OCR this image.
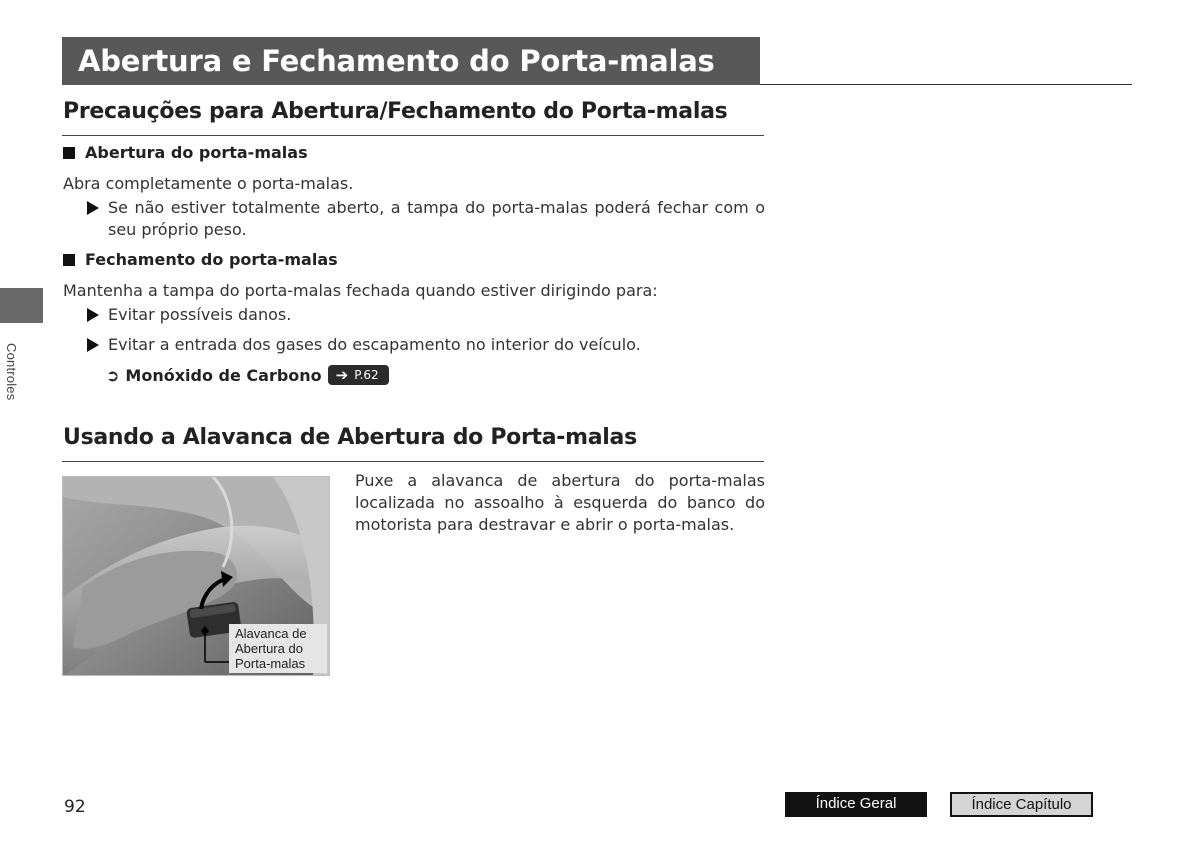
Abertura e Fechamento do Porta-malas
Controles
Precauções para Abertura/Fechamento do Porta-malas
Abertura do porta-malas
Abra completamente o porta-malas.
Se não estiver totalmente aberto, a tampa do porta-malas poderá fechar com o seu próprio peso.
Fechamento do porta-malas
Mantenha a tampa do porta-malas fechada quando estiver dirigindo para:
Evitar possíveis danos.
Evitar a entrada dos gases do escapamento no interior do veículo.
➲ Monóxido de Carbono ➔ P.62
Usando a Alavanca de Abertura do Porta-malas
Puxe a alavanca de abertura do porta-malas localizada no assoalho à esquerda do banco do motorista para destravar e abrir o porta-malas.
Alavanca de
Abertura do
Porta-malas
92	Índice Geral	Índice Capítulo
